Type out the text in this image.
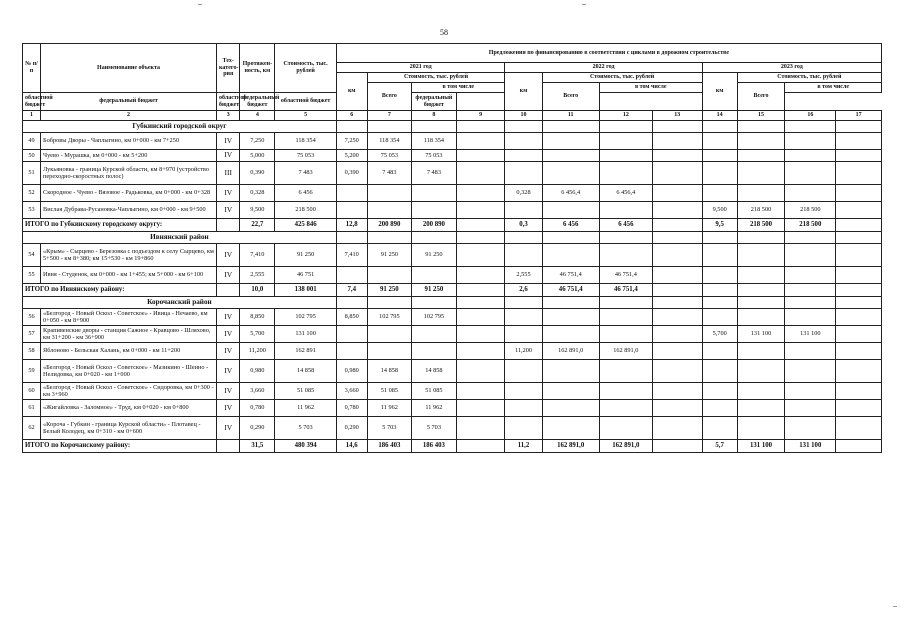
58
№ п/п	Наименование объекта	Тех-катего-рия	Протяжен-ность, км	Стоимость, тыс. рублей	Предложения по финансированию в соответствии с циклами в дорожном строительстве											
					2021 год				2022 год				2023 год			
					км	Стоимость, тыс. рублей			км	Стоимость, тыс. рублей			км	Стоимость, тыс. рублей		
						Всего	в том числе			Всего	в том числе			Всего	в том числе	
областной бюджет	федеральный бюджет	областной бюджет	федеральный бюджет	областной бюджет			федеральный бюджет									
1	2	3	4	5	6	7	8	9	10	11	12	13	14	15	16	17
Губкинский городской округ																
49	Бобровы Дворы - Чаплыгино, км 0+000 - км 7+250	IV	7,250	118 354	7,250	118 354	118 354									
50	Чуево - Мурашка, км 0+000 - км 5+200	IV	5,000	75 053	5,200	75 053	75 053									
51	Лукьяновка - граница Курской области, км 8+970 (устройство переходно-скоростных полос)	III	0,390	7 483	0,390	7 483	7 483									
52	Скородное - Чуево - Вязовое - Радьковка, км 0+000 - км 0+328	IV	0,328	6 456					0,328	6 456,4	6 456,4					
53	Вислая Дубрава-Русановка-Чаплыгино, км 0+000 - км 9+500	IV	9,500	218 500									9,500	218 500	218 500	
ИТОГО по Губкинскому городскому округу:			22,7	425 846	12,8	200 890	200 890		0,3	6 456	6 456		9,5	218 500	218 500	
Ивнянский район																
54	«Крым» - Сырцево - Березовка с подъездом к селу Сырцево, км 5+500 - км 8+380; км 15+530 - км 19+860	IV	7,410	91 250	7,410	91 250	91 250									
55	Ивня - Студенок, км 0+000 - км 1+455; км 5+000 - км 6+100	IV	2,555	46 751					2,555	46 751,4	46 751,4					
ИТОГО по Ивнянскому району:			10,0	138 001	7,4	91 250	91 250		2,6	46 751,4	46 751,4					
Корочанский район																
56	«Белгород - Новый Оскол - Советское» - Ивица - Нечаево, км 0+050 - км 8+900	IV	8,850	102 795	8,850	102 795	102 795									
57	Крапивенские дворы - станция Сажное - Кравцово - Шляхово, км 31+200 - км 36+900	IV	5,700	131 100									5,700	131 100	131 100	
58	Яблоново - Бельская Халань, км 0+000 - км 11+200	IV	11,200	162 891					11,200	162 891,0	162 891,0					
59	«Белгород - Новый Оскол - Советское» - Мазикино - Шеино - Нелидовка, км 0+020 - км 1+000	IV	0,980	14 858	0,980	14 858	14 858									
60	«Белгород - Новый Оскол - Советское» - Сидоровка, км 0+300 - км 3+960	IV	3,660	51 085	3,660	51 085	51 085									
61	«Жигайловка - Заломное» - Труд, км 0+020 - км 0+800	IV	0,780	11 962	0,780	11 962	11 962									
62	«Короча - Губкин - граница Курской области» - Плотавец - Белый Колодец, км 0+310 - км 0+600	IV	0,290	5 703	0,290	5 703	5 703									
ИТОГО по Корочанскому району:			31,5	480 394	14,6	186 403	186 403		11,2	162 891,0	162 891,0		5,7	131 100	131 100	
